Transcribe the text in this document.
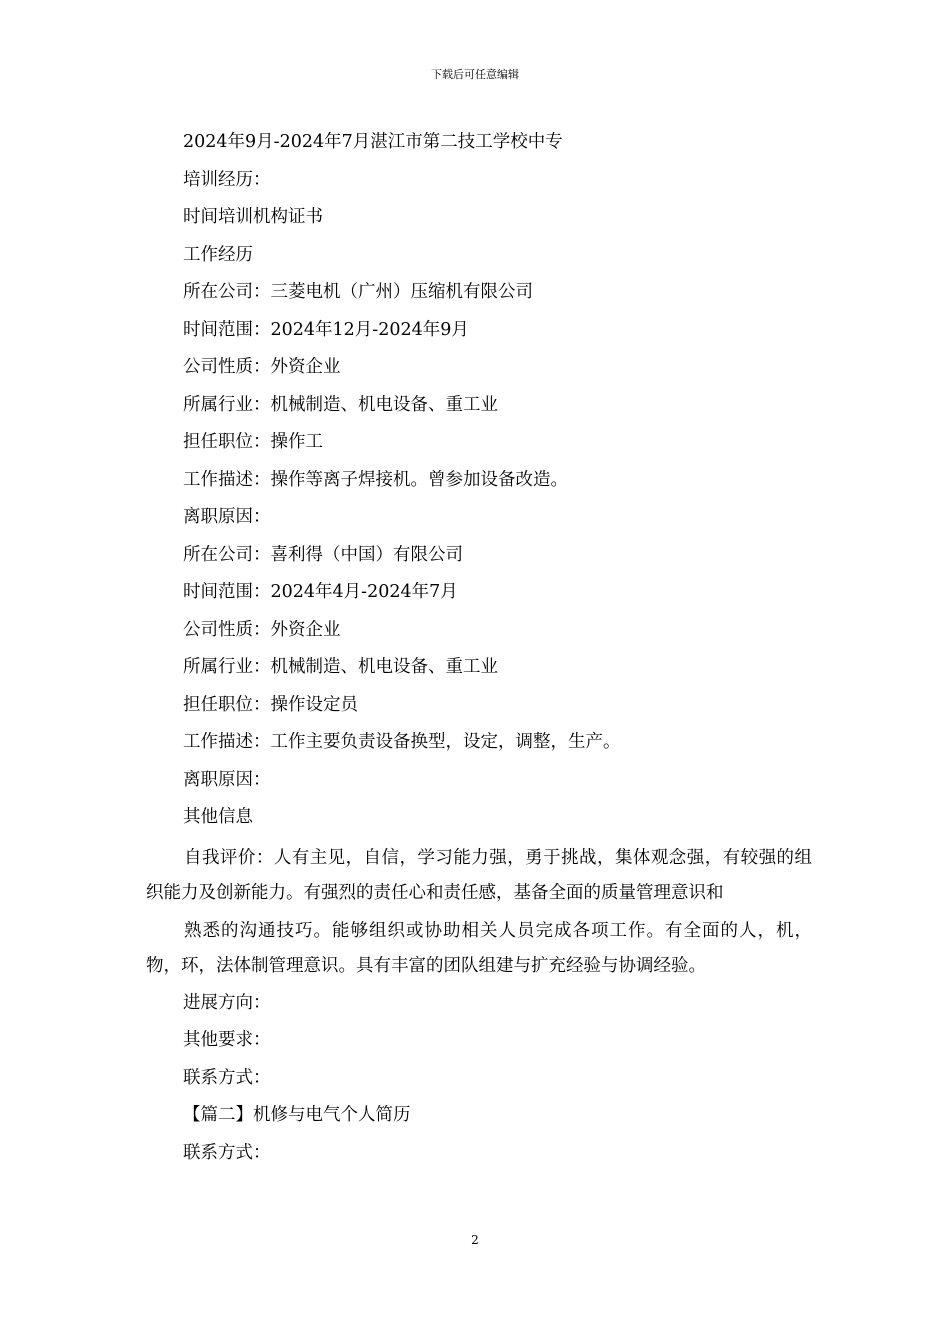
下载后可任意编辑

2024年9月-2024年7月湛江市第二技工学校中专

培训经历：

时间培训机构证书

工作经历

所在公司：三菱电机（广州）压缩机有限公司

时间范围：2024年12月-2024年9月

公司性质：外资企业

所属行业：机械制造、机电设备、重工业

担任职位：操作工

工作描述：操作等离子焊接机。曾参加设备改造。

离职原因：

所在公司：喜利得（中国）有限公司

时间范围：2024年4月-2024年7月

公司性质：外资企业

所属行业：机械制造、机电设备、重工业

担任职位：操作设定员

工作描述：工作主要负责设备换型，设定，调整，生产。

离职原因：

其他信息

自我评价：人有主见，自信，学习能力强，勇于挑战，集体观念强，有较强的组织能力及创新能力。有强烈的责任心和责任感，基备全面的质量管理意识和

熟悉的沟通技巧。能够组织或协助相关人员完成各项工作。有全面的人，机，物，环，法体制管理意识。具有丰富的团队组建与扩充经验与协调经验。

进展方向：

其他要求：

联系方式：

【篇二】机修与电气个人简历

联系方式：

2
